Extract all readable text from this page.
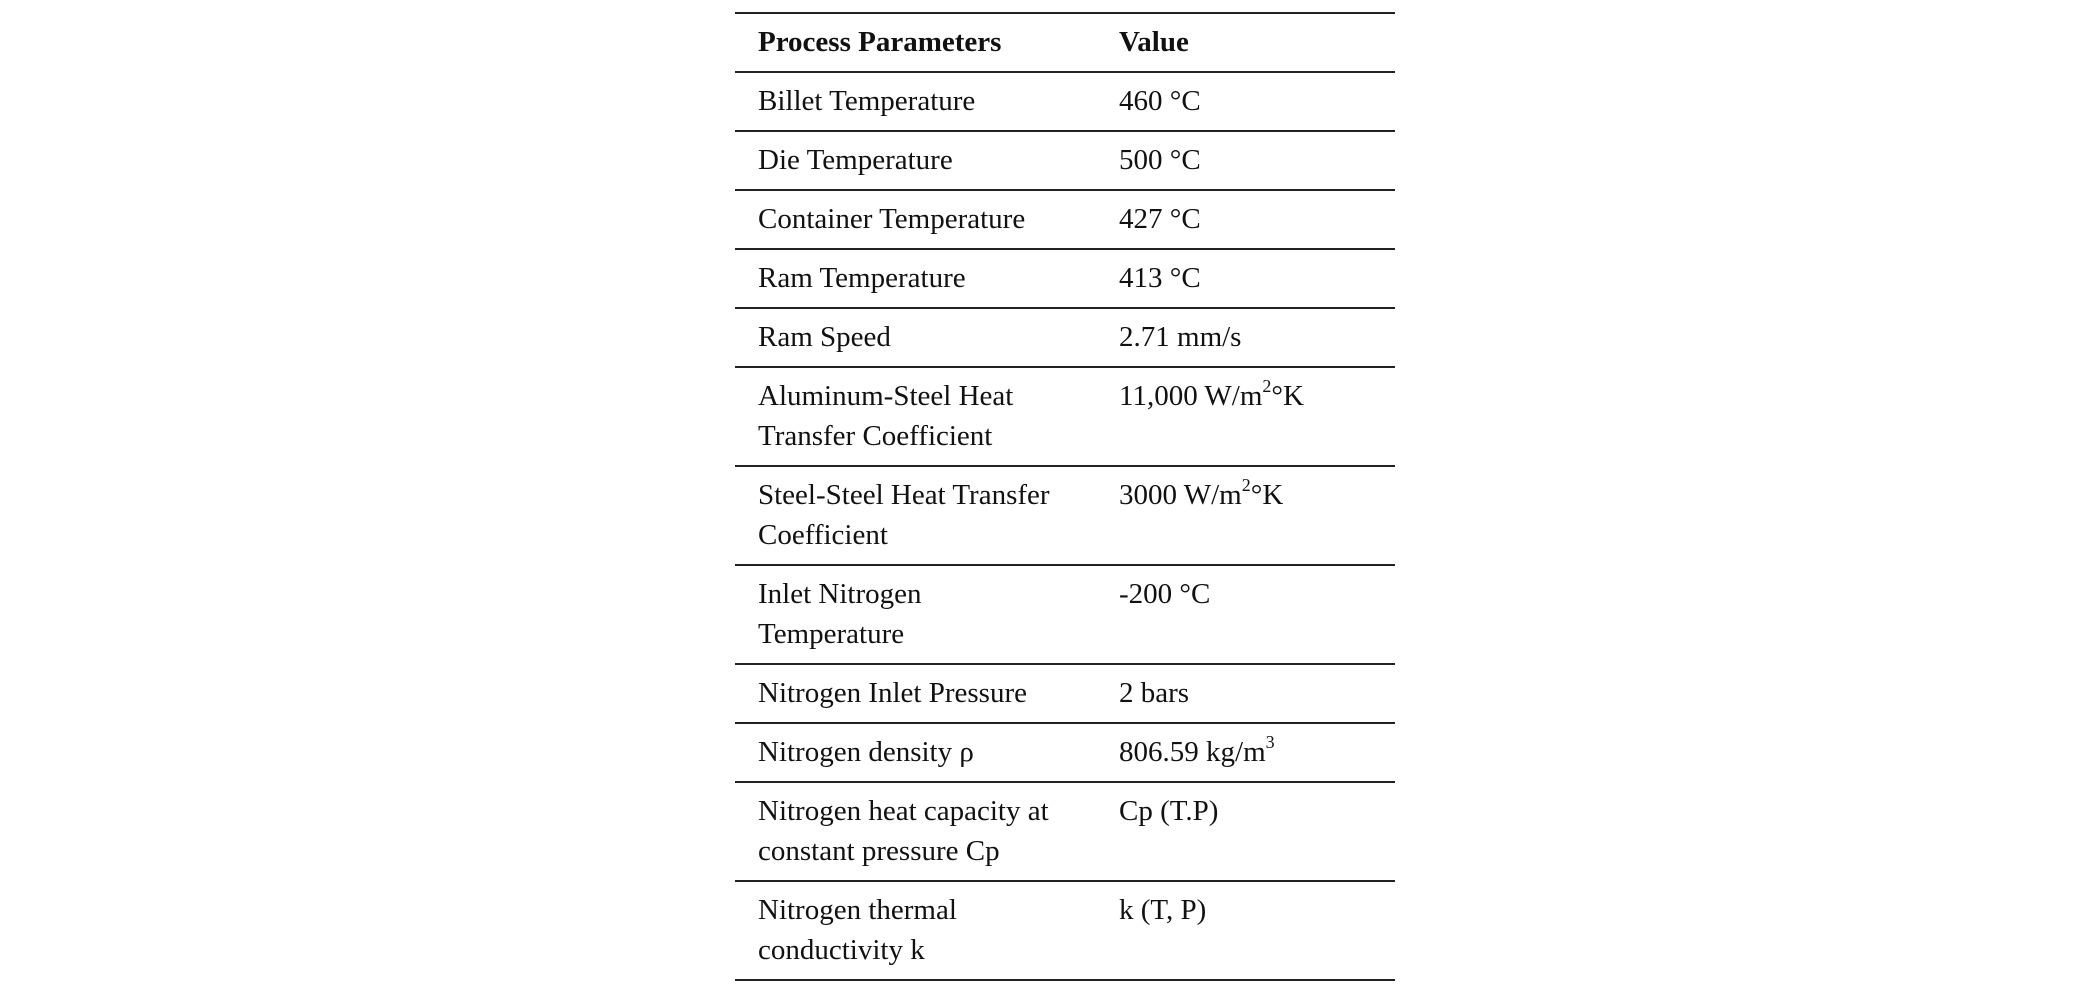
Process Parameters	Value
Billet Temperature	460 °C
Die Temperature	500 °C
Container Temperature	427 °C
Ram Temperature	413 °C
Ram Speed	2.71 mm/s
Aluminum-Steel Heat
Transfer Coefficient	11,000 $W/m^2^\circ K$
Steel-Steel Heat Transfer
Coefficient	3000 $W/m^2^\circ K$
Inlet Nitrogen
Temperature	-200 °C
Nitrogen Inlet Pressure	2 bars
Nitrogen density ρ	806.59 $kg/m^3$
Nitrogen heat capacity at
constant pressure Cp	Cp (T.P)
Nitrogen thermal
conductivity k	k (T, P)
